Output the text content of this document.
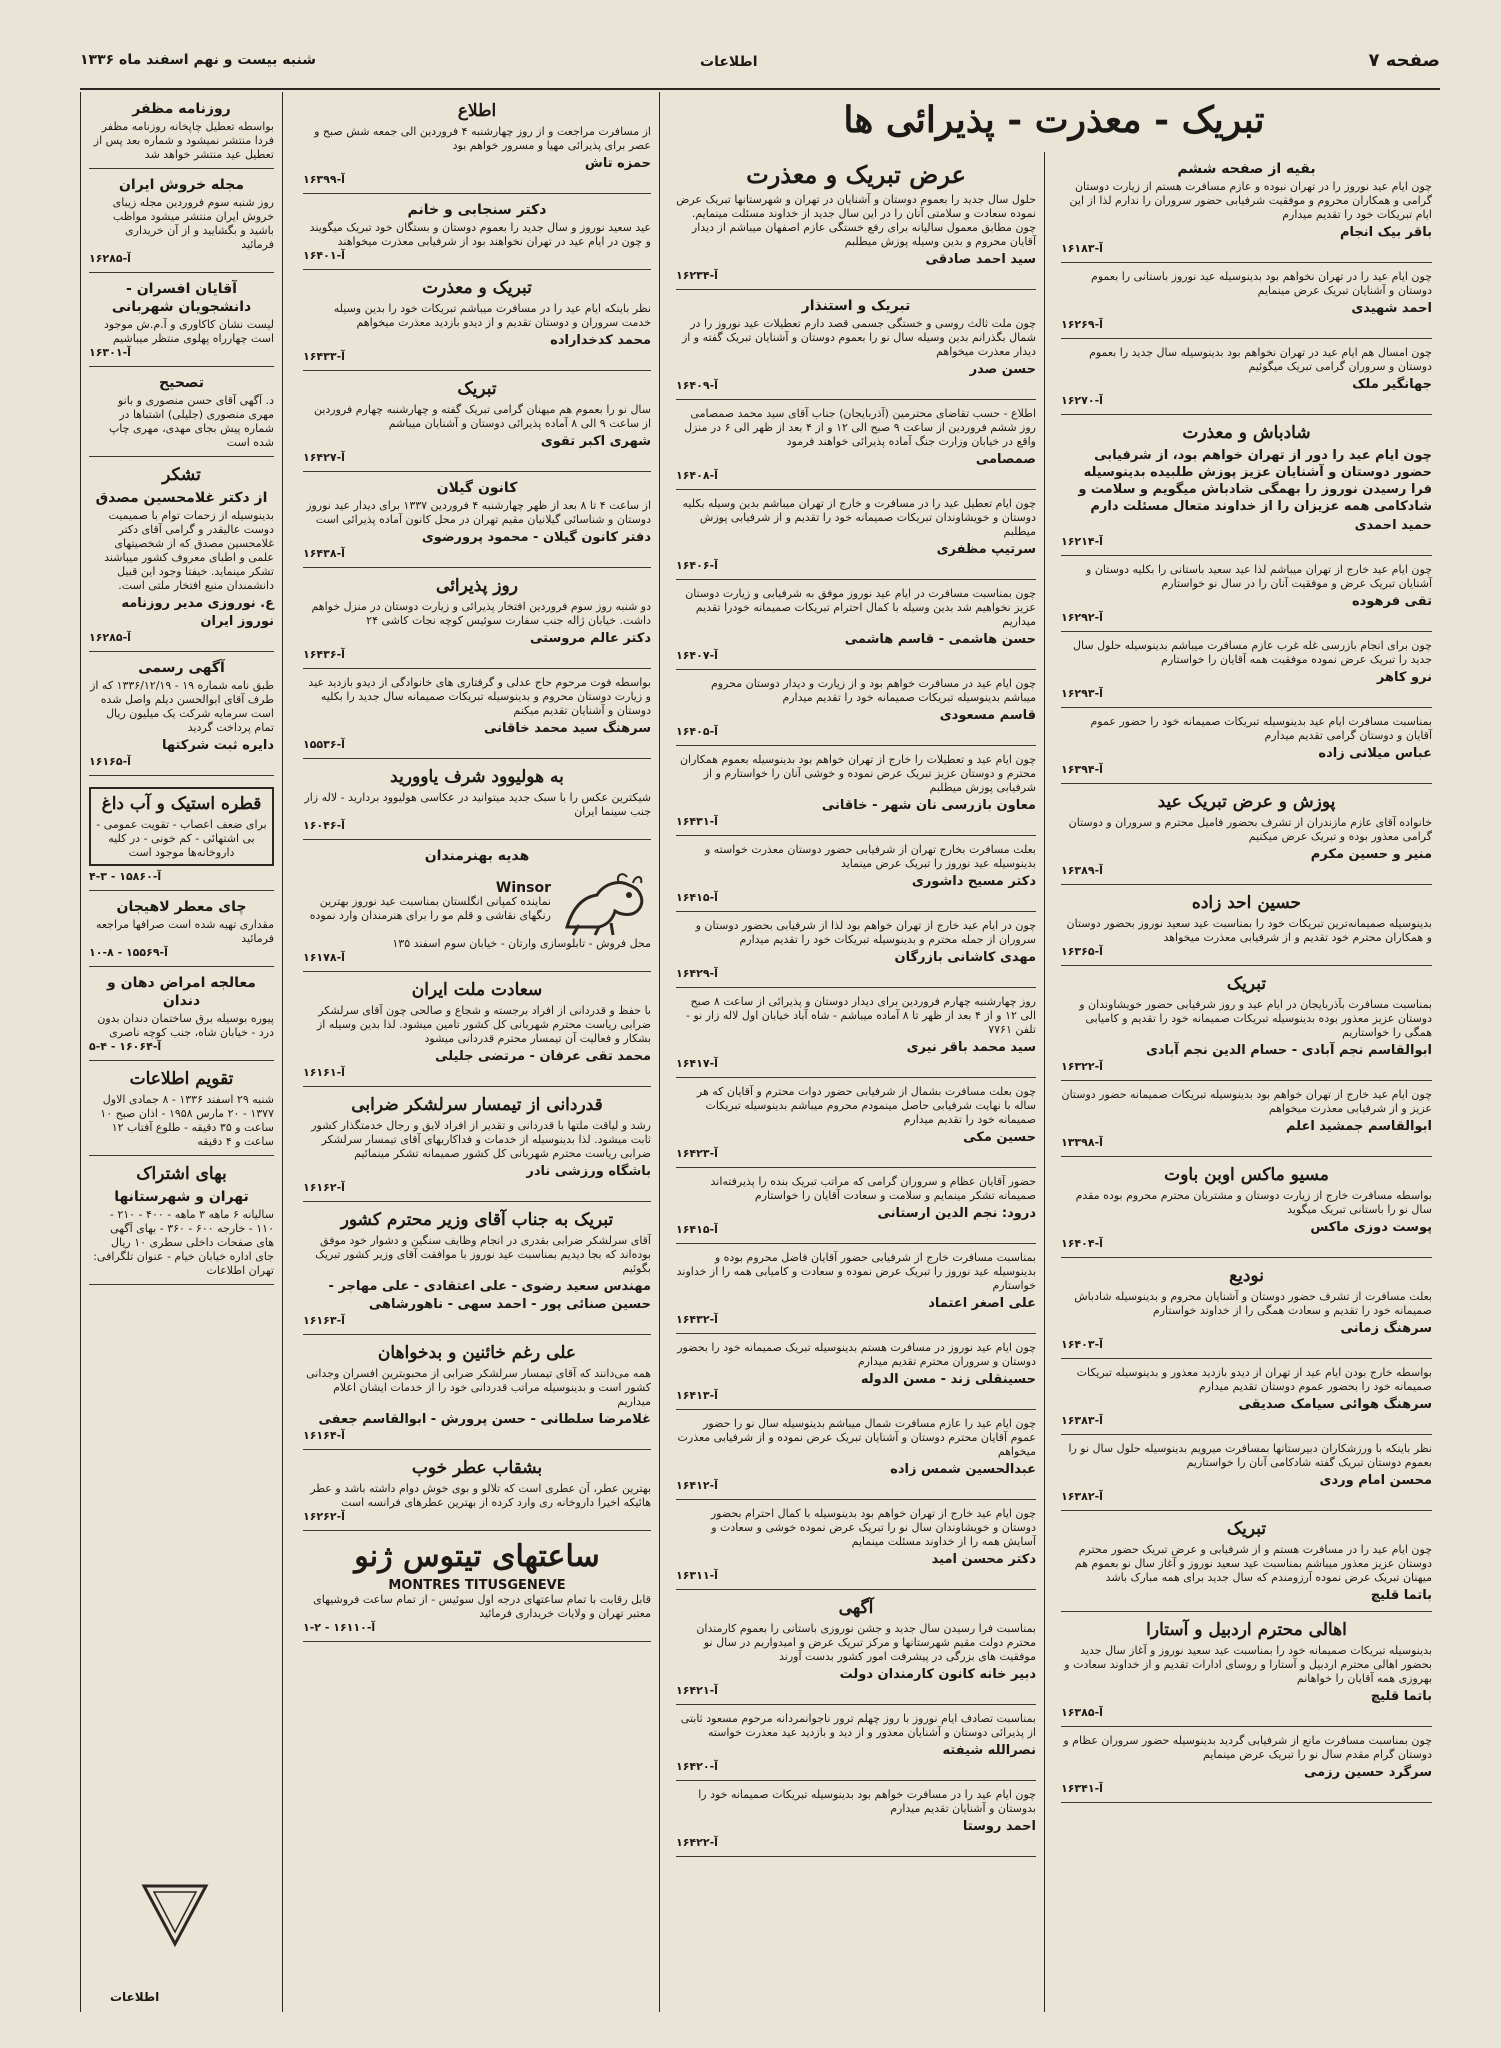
صفحه ۷
اطلاعات
شنبه بیست و نهم اسفند ماه ۱۳۳۶
تبریک - معذرت - پذیرائی ها
روزنامه مظفر

بواسطه تعطیل چاپخانه روزنامه مظفر فردا منتشر نمیشود و شماره بعد پس از تعطیل عید منتشر خواهد شد

مجله خروش ایران

روز شنبه سوم فروردین مجله زیبای خروش ایران منتشر میشود مواظب باشید و بگشایید و از آن خریداری فرمائید

آ-۱۶۲۸۵
آقایان افسران - دانشجویان شهربانی

لیست نشان کاکاوری و آ.م.ش موجود است چهارراه پهلوی منتظر میباشیم

آ-۱۶۳۰۱
تصحیح

د. آگهی آقای حسن منصوری و بانو مهری منصوری (جلیلی) اشتباها در شماره پیش بجای مهدی، مهری چاپ شده است

تشکر
از دکتر غلامحسین مصدق

بدینوسیله از زحمات توام با صمیمیت دوست عالیقدر و گرامی آقای دکتر غلامحسین مصدق که از شخصیتهای علمی و اطبای معروف کشور میباشند تشکر مینماید. خیفتا وجود این قبیل دانشمندان منبع افتخار ملتی است.

ع. نوروزی مدیر روزنامه نوروز ایران
آ-۱۶۲۸۵
آگهی رسمی

طبق نامه شماره ۱۹ - ۱۳۳۶/۱۲/۱۹ که از طرف آقای ابوالحسن دیلم واصل شده است سرمایه شرکت یک میلیون ریال تمام پرداخت گردید

دایره ثبت شرکتها
آ-۱۶۱۶۵
قطره استیک و آب داغ

برای ضعف اعصاب - تقویت عمومی - بی اشتهائی - کم خونی - در کلیه داروخانه‌ها موجود است

آ-۱۵۸۶۰ - ۳-۴
چای معطر لاهیجان

مقداری تهیه شده است صرافها مراجعه فرمائید

آ-۱۵۵۶۹ - ۸-۱۰
معالجه امراض دهان و دندان

پیوره بوسیله برق ساختمان دندان بدون درد - خیابان شاه، جنب کوچه ناصری

آ-۱۶۰۶۴ - ۴-۵
تقویم اطلاعات

شنبه ۲۹ اسفند ۱۳۳۶ - ۸ جمادی الاول ۱۳۷۷ - ۲۰ مارس ۱۹۵۸ - اذان صبح ۱۰ ساعت و ۳۵ دقیقه - طلوع آفتاب ۱۲ ساعت و ۴ دقیقه

بهای اشتراک
تهران و شهرستانها

سالیانه ۶ ماهه ۳ ماهه - ۴۰۰ - ۲۱۰ - ۱۱۰ - خارجه ۶۰۰ - ۳۶۰ - بهای آگهی های صفحات داخلی سطری ۱۰ ریال

جای اداره خیابان خیام - عنوان تلگرافی: تهران اطلاعات

اطلاع

از مسافرت مراجعت و از روز چهارشنبه ۴ فروردین الی جمعه شش صبح و عصر برای پذیرائی مهیا و مسرور خواهم بود

حمزه تاش
آ-۱۶۳۹۹
دکتر سنجابی و خانم

عید سعید نوروز و سال جدید را بعموم دوستان و بستگان خود تبریک میگویند و چون در ایام عید در تهران نخواهند بود از شرفیابی معذرت میخواهند

آ-۱۶۴۰۱
تبریک و معذرت

نظر باینکه ایام عید را در مسافرت میباشم تبریکات خود را بدین وسیله خدمت سروران و دوستان تقدیم و از دیدو بازدید معذرت میخواهم

محمد کدخداراده
آ-۱۶۴۳۳
تبریک

سال نو را بعموم هم میهنان گرامی تبریک گفته و چهارشنبه چهارم فروردین از ساعت ۹ الی ۸ آماده پذیرائی دوستان و آشنایان میباشم

شهری اکبر تقوی
آ-۱۶۴۲۷
کانون گیلان

از ساعت ۴ تا ۸ بعد از ظهر چهارشنبه ۴ فروردین ۱۳۳۷ برای دیدار عید نوروز دوستان و شناسائی گیلانیان مقیم تهران در محل کانون آماده پذیرائی است

دفتر کانون گیلان - محمود پرورضوی
آ-۱۶۴۳۸
روز پذیرائی

دو شنبه روز سوم فروردین افتخار پذیرائی و زیارت دوستان در منزل خواهم داشت. خیابان ژاله جنب سفارت سوئیس کوچه نجات کاشی ۲۴

دکتر عالم مروستی
آ-۱۶۴۳۶

بواسطه فوت مرحوم حاج عدلی و گرفتاری های خانوادگی از دیدو بازدید عید و زیارت دوستان محروم و بدینوسیله تبریکات صمیمانه سال جدید را بکلیه دوستان و آشنایان تقدیم میکنم

سرهنگ سید محمد خاقانی
آ-۱۵۵۳۶
به هولیوود شرف یاوورید

شیکترین عکس را با سبک جدید میتوانید در عکاسی هولیوود بردارید - لاله زار جنب سینما ایران

آ-۱۶۰۴۶
هدیه بهنرمندان
Winsor

نماینده کمپانی انگلستان بمناسبت عید نوروز بهترین رنگهای نقاشی و قلم مو را برای هنرمندان وارد نموده

محل فروش - تابلوسازی وارتان - خیابان سوم اسفند ۱۳۵

آ-۱۶۱۷۸
سعادت ملت ایران

با حفظ و قدردانی از افراد برجسته و شجاع و صالحی چون آقای سرلشکر ضرابی ریاست محترم شهربانی کل کشور تامین میشود. لذا بدین وسیله از بشکار و فعالیت آن تیمسار محترم قدردانی میشود

محمد تقی عرفان - مرتضی جلیلی
آ-۱۶۱۶۱
قدردانی از تیمسار سرلشکر ضرابی

رشد و لیاقت ملتها با قدردانی و تقدیر از افراد لایق و رجال خدمتگذار کشور ثابت میشود. لذا بدینوسیله از خدمات و فداکاریهای آقای تیمسار سرلشکر ضرابی ریاست محترم شهربانی کل کشور صمیمانه تشکر مینمائیم

باشگاه ورزشی نادر
آ-۱۶۱۶۲
تبریک به جناب آقای وزیر محترم کشور

آقای سرلشکر ضرابی بقدری در انجام وظایف سنگین و دشوار خود موفق بوده‌اند که بجا دیدیم بمناسبت عید نوروز با موافقت آقای وزیر کشور تبریک بگوئیم

مهندس سعید رضوی - علی اعتقادی - علی مهاجر - حسین صنائی پور - احمد سهی - ناهورشاهی
آ-۱۶۱۶۳
علی رغم خائنین و بدخواهان

همه می‌دانند که آقای تیمسار سرلشکر ضرابی از محبوبترین افسران وجدانی کشور است و بدینوسیله مراتب قدردانی خود را از خدمات ایشان اعلام میداریم

غلامرضا سلطانی - حسن پرورش - ابوالقاسم جعفی
آ-۱۶۱۶۴
بشقاب عطر خوب

بهترین عطر، آن عطری است که تلالو و بوی خوش دوام داشته باشد و عطر هائیکه اخیرا داروخانه ری وارد کرده از بهترین عطرهای فرانسه است

آ-۱۶۲۶۲
ساعتهای تیتوس ژنو
MONTRES TITUSGENEVE

قابل رقابت با تمام ساعتهای درجه اول سوئیس - از تمام ساعت فروشیهای معتبر تهران و ولایات خریداری فرمائید

آ-۱۶۱۱۰ - ۲-۱
عرض تبریک و معذرت

حلول سال جدید را بعموم دوستان و آشنایان در تهران و شهرستانها تبریک عرض نموده سعادت و سلامتی آنان را در این سال جدید از خداوند مسئلت مینمایم. چون مطابق معمول سالیانه برای رفع خستگی عازم اصفهان میباشم از دیدار آقایان محروم و بدین وسیله پوزش میطلبم

سید احمد صادقی
آ-۱۶۲۳۴
تبریک و استنذار

چون ملت ثالث روسی و خستگی جسمی قصد دارم تعطیلات عید نوروز را در شمال بگذرانم بدین وسیله سال نو را بعموم دوستان و آشنایان تبریک گفته و از دیدار معذرت میخواهم

حسن صدر
آ-۱۶۴۰۹

اطلاع - حسب تقاضای محترمین (آذربایجان) جناب آقای سید محمد صمصامی روز ششم فروردین از ساعت ۹ صبح الی ۱۲ و از ۴ بعد از ظهر الی ۶ در منزل واقع در خیابان وزارت جنگ آماده پذیرائی خواهند فرمود

صمصامی
آ-۱۶۴۰۸

چون ایام تعطیل عید را در مسافرت و خارج از تهران میباشم بدین وسیله بکلیه دوستان و خویشاوندان تبریکات صمیمانه خود را تقدیم و از شرفیابی پوزش میطلبم

سرتیپ مظفری
آ-۱۶۴۰۶

چون بمناسبت مسافرت در ایام عید نوروز موفق به شرفیابی و زیارت دوستان عزیز نخواهیم شد بدین وسیله با کمال احترام تبریکات صمیمانه خودرا تقدیم میداریم

حسن هاشمی - قاسم هاشمی
آ-۱۶۴۰۷

چون ایام عید در مسافرت خواهم بود و از زیارت و دیدار دوستان محروم میباشم بدینوسیله تبریکات صمیمانه خود را تقدیم میدارم

قاسم مسعودی
آ-۱۶۴۰۵

چون ایام عید و تعطیلات را خارج از تهران خواهم بود بدینوسیله بعموم همکاران محترم و دوستان عزیز تبریک عرض نموده و خوشی آنان را خواستارم و از شرفیابی پوزش میطلبم

معاون بازرسی نان شهر - خاقانی
آ-۱۶۴۳۱

بعلت مسافرت بخارج تهران از شرفیابی حضور دوستان معذرت خواسته و بدینوسیله عید نوروز را تبریک عرض مینماید

دکتر مسیح داشوری
آ-۱۶۴۱۵

چون در ایام عید خارج از تهران خواهم بود لذا از شرفیابی بحضور دوستان و سروران از جمله محترم و بدینوسیله تبریکات خود را تقدیم میدارم

مهدی کاشانی بازرگان
آ-۱۶۴۲۹

روز چهارشنبه چهارم فروردین برای دیدار دوستان و پذیرائی از ساعت ۸ صبح الی ۱۲ و از ۴ بعد از ظهر تا ۸ آماده میباشم - شاه آباد خیابان اول لاله زار نو - تلفن ۷۷۶۱

سید محمد باقر نیری
آ-۱۶۴۱۷

چون بعلت مسافرت بشمال از شرفیابی حضور دوات محترم و آقایان که هر ساله با نهایت شرفیابی حاصل مینمودم محروم میباشم بدینوسیله تبریکات صمیمانه خود را تقدیم میدارم

حسین مکی
آ-۱۶۴۲۳

حضور آقایان عظام و سروران گرامی که مراتب تبریک بنده را پذیرفته‌اند صمیمانه تشکر مینمایم و سلامت و سعادت آقایان را خواستارم

درود: نجم الدین ارستانی
آ-۱۶۴۱۵

بمناسبت مسافرت خارج از شرفیابی حضور آقایان فاضل محروم بوده و بدینوسیله عید نوروز را تبریک عرض نموده و سعادت و کامیابی همه را از خداوند خواستارم

علی اصغر اعتماد
آ-۱۶۴۳۲

چون ایام عید نوروز در مسافرت هستم بدینوسیله تبریک صمیمانه خود را بحضور دوستان و سروران محترم تقدیم میدارم

حسینقلی زند - مسن الدوله
آ-۱۶۴۱۳

چون ایام عید را عازم مسافرت شمال میباشم بدینوسیله سال نو را حضور عموم آقایان محترم دوستان و آشنایان تبریک عرض نموده و از شرفیابی معذرت میخواهم

عبدالحسین شمس زاده
آ-۱۶۴۱۲

چون ایام عید خارج از تهران خواهم بود بدینوسیله با کمال احترام بحضور دوستان و خویشاوندان سال نو را تبریک عرض نموده خوشی و سعادت و آسایش همه را از خداوند مسئلت مینمایم

دکتر محسن امید
آ-۱۶۳۱۱
آگهی

بمناسبت فرا رسیدن سال جدید و جشن نوروزی باستانی را بعموم کارمندان محترم دولت مقیم شهرستانها و مرکز تبریک عرض و امیدواریم در سال نو موفقیت های بزرگی در پیشرفت امور کشور بدست آورند

دبیر خانه کانون کارمندان دولت
آ-۱۶۴۲۱

بمناسبت تصادف ایام نوروز با روز چهلم ترور ناجوانمردانه مرحوم مسعود ثابتی از پذیرائی دوستان و آشنایان معذور و از دید و بازدید عید معذرت خواسته

نصرالله شیفته
آ-۱۶۴۲۰

چون ایام عید را در مسافرت خواهم بود بدینوسیله تبریکات صمیمانه خود را بدوستان و آشنایان تقدیم میدارم

احمد روستا
آ-۱۶۴۲۲
بقیه از صفحه ششم

چون ایام عید نوروز را در تهران نبوده و عازم مسافرت هستم از زیارت دوستان گرامی و همکاران محروم و موفقیت شرفیابی حضور سروران را ندارم لذا از این ایام تبریکات خود را تقدیم میدارم

باقر بیک انجام
آ-۱۶۱۸۳

چون ایام عید را در تهران نخواهم بود بدینوسیله عید نوروز باستانی را بعموم دوستان و آشنایان تبریک عرض مینمایم

احمد شهیدی
آ-۱۶۲۶۹

چون امسال هم ایام عید در تهران نخواهم بود بدینوسیله سال جدید را بعموم دوستان و سروران گرامی تبریک میگوئیم

جهانگیر ملک
آ-۱۶۲۷۰
شادباش و معذرت

چون ایام عید را دور از تهران خواهم بود، از شرفیابی حضور دوستان و آشنایان عزیز پوزش طلبیده بدینوسیله فرا رسیدن نوروز را بهمگی شادباش میگویم و سلامت و شادکامی همه عزیزان را از خداوند متعال مسئلت دارم

حمید احمدی
آ-۱۶۲۱۴

چون ایام عید خارج از تهران میباشم لذا عید سعید باستانی را بکلیه دوستان و آشنایان تبریک عرض و موفقیت آنان را در سال نو خواستارم

تقی فرهوده
آ-۱۶۲۹۲

چون برای انجام بازرسی غله غرب عازم مسافرت میباشم بدینوسیله حلول سال جدید را تبریک عرض نموده موفقیت همه آقایان را خواستارم

نرو کاهر
آ-۱۶۲۹۳

بمناسبت مسافرت ایام عید بدینوسیله تبریکات صمیمانه خود را حضور عموم آقایان و دوستان گرامی تقدیم میدارم

عباس میلانی زاده
آ-۱۶۳۹۴
پوزش و عرض تبریک عید

خانواده آقای عازم مازندران از تشرف بحضور فامیل محترم و سروران و دوستان گرامی معذور بوده و تبریک عرض میکنیم

منیر و حسین مکرم
آ-۱۶۳۸۹
حسین احد زاده

بدینوسیله صمیمانه‌ترین تبریکات خود را بمناسبت عید سعید نوروز بحضور دوستان و همکاران محترم خود تقدیم و از شرفیابی معذرت میخواهد

آ-۱۶۳۶۵
تبریک

بمناسبت مسافرت بآذربایجان در ایام عید و روز شرفیابی حضور خویشاوندان و دوستان عزیز معذور بوده بدینوسیله تبریکات صمیمانه خود را تقدیم و کامیابی همگی را خواستاریم

ابوالقاسم نجم آبادی - حسام الدین نجم آبادی
آ-۱۶۳۲۲

چون ایام عید خارج از تهران خواهم بود بدینوسیله تبریکات صمیمانه حضور دوستان عزیز و از شرفیابی معذرت میخواهم

ابوالقاسم جمشید اعلم
آ-۱۳۳۹۸
مسیو ماکس اوبن باوت

بواسطه مسافرت خارج از زیارت دوستان و مشتریان محترم محروم بوده مقدم سال نو را باستانی تبریک میگوید

پوست دوزی ماکس
آ-۱۶۴۰۴
نودیع

بعلت مسافرت از تشرف حضور دوستان و آشنایان محروم و بدینوسیله شادباش صمیمانه خود را تقدیم و سعادت همگی را از خداوند خواستارم

سرهنگ زمانی
آ-۱۶۴۰۳

بواسطه خارج بودن ایام عید از تهران از دیدو بازدید معذور و بدینوسیله تبریکات صمیمانه خود را بحضور عموم دوستان تقدیم میدارم

سرهنگ هوائی سیامک صدیقی
آ-۱۶۳۸۳

نظر باینکه با ورزشکاران دبیرستانها بمسافرت میرویم بدینوسیله حلول سال نو را بعموم دوستان تبریک گفته شادکامی آنان را خواستاریم

محسن امام وردی
آ-۱۶۳۸۲
تبریک

چون ایام عید را در مسافرت هستم و از شرفیابی و عرض تبریک حضور محترم دوستان عزیز معذور میباشم بمناسبت عید سعید نوروز و آغاز سال نو بعموم هم میهنان تبریک عرض نموده آرزومندم که سال جدید برای همه مبارک باشد

باتما قلیچ
اهالی محترم اردبیل و آستارا

بدینوسیله تبریکات صمیمانه خود را بمناسبت عید سعید نوروز و آغاز سال جدید بحضور اهالی محترم اردبیل و آستارا و روسای ادارات تقدیم و از خداوند سعادت و بهروزی همه آقایان را خواهانم

باتما قلیچ
آ-۱۶۳۸۵

چون بمناسبت مسافرت مانع از شرفیابی گردید بدینوسیله حضور سروران عظام و دوستان گرام مقدم سال نو را تبریک عرض مینمایم

سرگرد حسین رزمی
آ-۱۶۳۴۱
اطلاعات
